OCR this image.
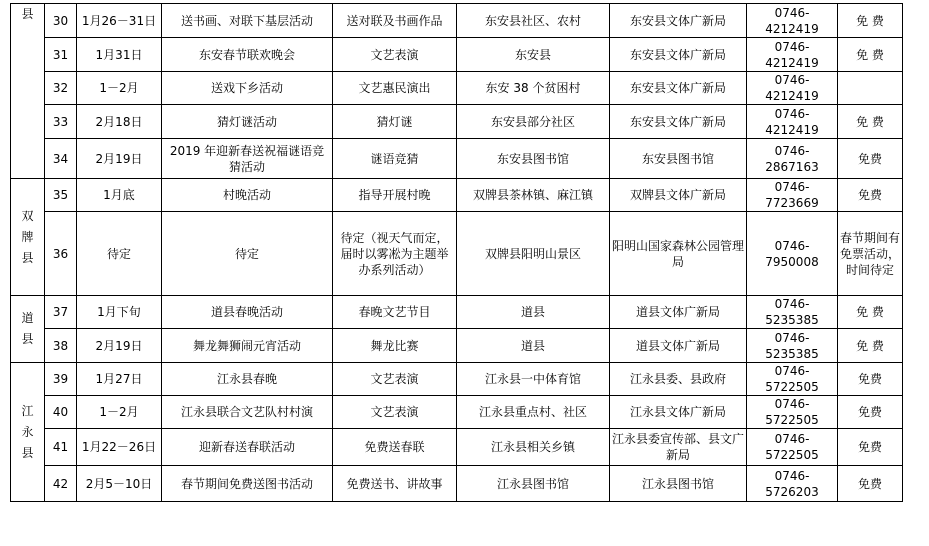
县	30	1月26－31日	送书画、对联下基层活动	送对联及书画作品	东安县社区、农村	东安县文体广新局	0746-4212419	免 费
	31	1月31日	东安春节联欢晚会	文艺表演	东安县	东安县文体广新局	0746-4212419	免 费
	32	1－2月	送戏下乡活动	文艺惠民演出	东安 38 个贫困村	东安县文体广新局	0746-4212419	
	33	2月18日	猜灯谜活动	猜灯谜	东安县部分社区	东安县文体广新局	0746-4212419	免 费
	34	2月19日	2019 年迎新春送祝福谜语竞猜活动	谜语竞猜	东安县图书馆	东安县图书馆	0746-2867163	免费
双牌县	35	1月底	村晚活动	指导开展村晚	双牌县茶林镇、麻江镇	双牌县文体广新局	0746-7723669	免费
	36	待定	待定	待定（视天气而定，届时以雾凇为主题举办系列活动）	双牌县阳明山景区	阳明山国家森林公园管理局	0746-7950008	春节期间有免票活动，时间待定
道县	37	1月下旬	道县春晚活动	春晚文艺节目	道县	道县文体广新局	0746-5235385	免 费
	38	2月19日	舞龙舞狮闹元宵活动	舞龙比赛	道县	道县文体广新局	0746-5235385	免 费
江永县	39	1月27日	江永县春晚	文艺表演	江永县一中体育馆	江永县委、县政府	0746-5722505	免费
	40	1－2月	江永县联合文艺队村村演	文艺表演	江永县重点村、社区	江永县文体广新局	0746-5722505	免费
	41	1月22－26日	迎新春送春联活动	免费送春联	江永县相关乡镇	江永县委宣传部、县文广新局	0746-5722505	免费
	42	2月5－10日	春节期间免费送图书活动	免费送书、讲故事	江永县图书馆	江永县图书馆	0746-5726203	免费
